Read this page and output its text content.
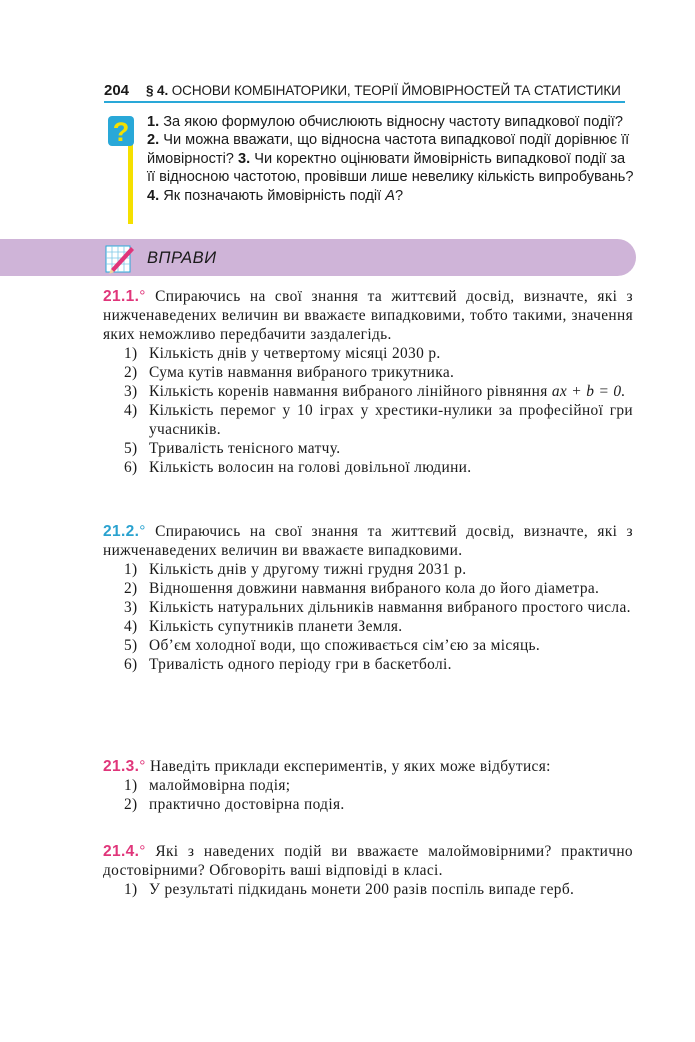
204 § 4. ОСНОВИ КОМБІНАТОРИКИ, ТЕОРІЇ ЙМОВІРНОСТЕЙ ТА СТАТИСТИКИ
? 1. За якою формулою обчислюють відносну частоту випадкової події? 2. Чи можна вважати, що відносна частота випадкової події дорівнює її ймовірності? 3. Чи коректно оцінювати ймовірність випадкової події за її відносною частотою, провівши лише невелику кількість випробувань? 4. Як позначають ймовірність події A?
ВПРАВИ
21.1.° Спираючись на свої знання та життєвий досвід, визначте, які з нижченаведених величин ви вважаєте випадковими, тобто такими, значення яких неможливо передбачити заздалегідь.
1) Кількість днів у четвертому місяці 2030 р.
2) Сума кутів навмання вибраного трикутника.
3) Кількість коренів навмання вибраного лінійного рівняння ax + b = 0.
4) Кількість перемог у 10 іграх у хрестики-нулики за професійної гри учасників.
5) Тривалість тенісного матчу.
6) Кількість волосин на голові довільної людини.
21.2.° Спираючись на свої знання та життєвий досвід, визначте, які з нижченаведених величин ви вважаєте випадковими.
1) Кількість днів у другому тижні грудня 2031 р.
2) Відношення довжини навмання вибраного кола до його діаметра.
3) Кількість натуральних дільників навмання вибраного простого числа.
4) Кількість супутників планети Земля.
5) Об’єм холодної води, що споживається сім’єю за місяць.
6) Тривалість одного періоду гри в баскетболі.
21.3.° Наведіть приклади експериментів, у яких може відбутися:
1) малоймовірна подія;
2) практично достовірна подія.
21.4.° Які з наведених подій ви вважаєте малоймовірними? практично достовірними? Обговоріть ваші відповіді в класі.
1) У результаті підкидань монети 200 разів поспіль випаде герб.
